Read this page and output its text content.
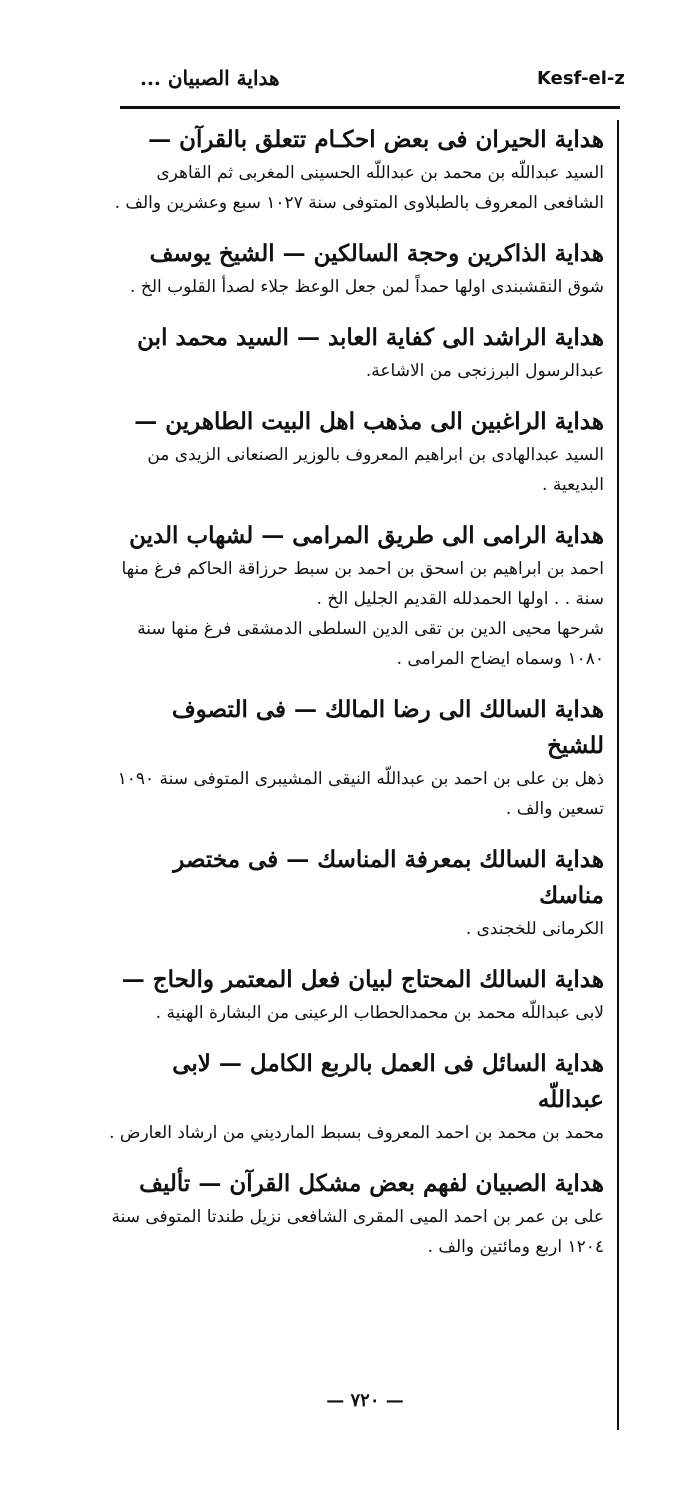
Kesf-el-z
هداية الصبيان ...

هداية الحيران فى بعض احكـام تتعلق بالقرآن —

السيد عبداللّه بن محمد بن عبداللّه الحسينى المغربى ثم القاهرى الشافعى المعروف بالطبلاوى المتوفى سنة ١٠٢٧ سبع وعشرين والف .

هداية الذاكرين وحجة السالكين — الشيخ يوسف

شوق النقشبندى اولها حمداً لمن جعل الوعظ جلاء لصدأ القلوب الخ .

هداية الراشد الى كفاية العابد — السيد محمد ابن

عبدالرسول البرزنجى من الاشاعة.

هداية الراغبين الى مذهب اهل البيت الطاهرين —

السيد عبدالهادى بن ابراهيم المعروف بالوزير الصنعانى الزيدى من البديعية .

هداية الرامى الى طريق المرامى — لشهاب الدين

احمد بن ابراهيم بن اسحق بن احمد بن سبط حرزاقة الحاكم فرغ منها سنة . . اولها الحمدلله القديم الجليل الخ .

شرحها محيى الدين بن تقى الدين السلطى الدمشقى فرغ منها سنة ١٠٨٠ وسماه ايضاح المرامى .

هداية السالك الى رضا المالك — فى التصوف للشيخ

ذهل بن على بن احمد بن عبداللّه النيقى المشيبرى المتوفى سنة ١٠٩٠ تسعين والف .

هداية السالك بمعرفة المناسك — فى مختصر مناسك

الكرمانى للخجندى .

هداية السالك المحتاج لبيان فعل المعتمر والحاج —

لابى عبداللّه محمد بن محمدالحطاب الرعينى من البشارة الهنية .

هداية السائل فى العمل بالربع الكامل — لابى عبداللّه

محمد بن محمد بن احمد المعروف بسبط المارديني من ارشاد العارض .

هداية الصبيان لفهم بعض مشكل القرآن — تأليف

على بن عمر بن احمد الميى المقرى الشافعى نزيل طندتا المتوفى سنة ١٢٠٤ اربع ومائتين والف .

— ٧٢٠ —
